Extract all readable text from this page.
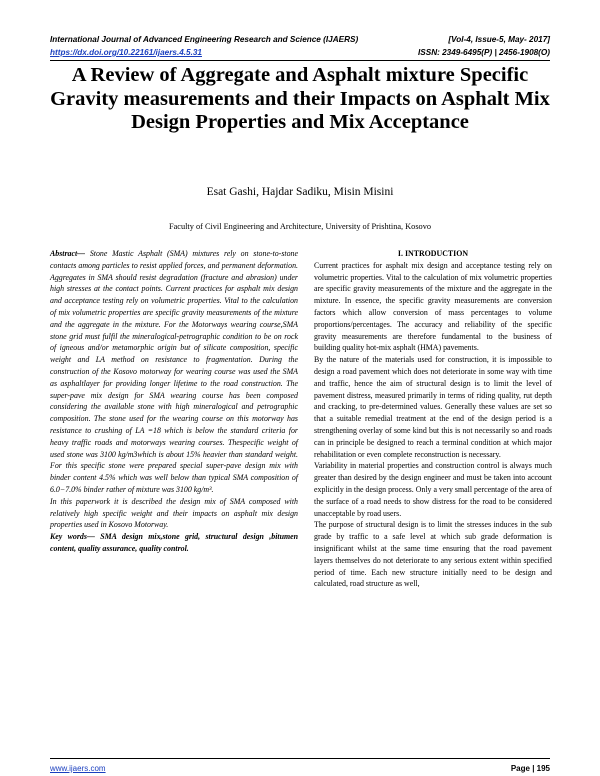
International Journal of Advanced Engineering Research and Science (IJAERS)	[Vol-4, Issue-5, May- 2017]
https://dx.doi.org/10.22161/ijaers.4.5.31	ISSN: 2349-6495(P) | 2456-1908(O)
A Review of Aggregate and Asphalt mixture Specific Gravity measurements and their Impacts on Asphalt Mix Design Properties and Mix Acceptance
Esat Gashi, Hajdar Sadiku, Misin Misini
Faculty of Civil Engineering and Architecture, University of Prishtina, Kosovo

Abstract— Stone Mastic Asphalt (SMA) mixtures rely on stone-to-stone contacts among particles to resist applied forces, and permanent deformation. Aggregates in SMA should resist degradation (fracture and abrasion) under high stresses at the contact points. Current practices for asphalt mix design and acceptance testing rely on volumetric properties. Vital to the calculation of mix volumetric properties are specific gravity measurements of the mixture and the aggregate in the mixture. For the Motorways wearing course,SMA stone grid must fulfil the mineralogical-petrographic condition to be on rock of igneous and/or metamorphic origin but of silicate composition, specific weight and LA method on resistance to fragmentation. During the construction of the Kosovo motorway for wearing course was used the SMA as asphaltlayer for providing longer lifetime to the road construction. The super-pave mix design for SMA wearing course has been composed considering the available stone with high mineralogical and petrographic composition. The stone used for the wearing course on this motorway has resistance to crushing of LA =18 which is below the standard criteria for heavy traffic roads and motorways wearing courses. Thespecific weight of used stone was 3100 kg/m3which is about 15% heavier than standard weight. For this specific stone were prepared special super-pave design mix with binder content 4.5% which was well below than typical SMA composition of 6.0−7.0% binder rather of mixture was 3100 kg/m³.

In this paperwork it is described the design mix of SMA composed with relatively high specific weight and their impacts on asphalt mix design properties used in Kosovo Motorway.

Key words— SMA design mix,stone grid, structural design ,bitumen content, quality assurance, quality control.

I. INTRODUCTION

Current practices for asphalt mix design and acceptance testing rely on volumetric properties. Vital to the calculation of mix volumetric properties are specific gravity measurements of the mixture and the aggregate in the mixture. In essence, the specific gravity measurements are conversion factors which allow conversion of mass percentages to volume proportions/percentages. The accuracy and reliability of the specific gravity measurements are therefore fundamental to the business of building quality hot-mix asphalt (HMA) pavements.

By the nature of the materials used for construction, it is impossible to design a road pavement which does not deteriorate in some way with time and traffic, hence the aim of structural design is to limit the level of pavement distress, measured primarily in terms of riding quality, rut depth and cracking, to pre-determined values. Generally these values are set so that a suitable remedial treatment at the end of the design period is a strengthening overlay of some kind but this is not necessarily so and roads can in principle be designed to reach a terminal condition at which major rehabilitation or even complete reconstruction is necessary.

Variability in material properties and construction control is always much greater than desired by the design engineer and must be taken into account explicitly in the design process. Only a very small percentage of the area of the surface of a road needs to show distress for the road to be considered unacceptable by road users.

The purpose of structural design is to limit the stresses induces in the sub grade by traffic to a safe level at which sub grade deformation is insignificant whilst at the same time ensuring that the road pavement layers themselves do not deteriorate to any serious extent within specified period of time. Each new structure initially need to be design and calculated, road structure as well,

www.ijaers.com	Page | 195
